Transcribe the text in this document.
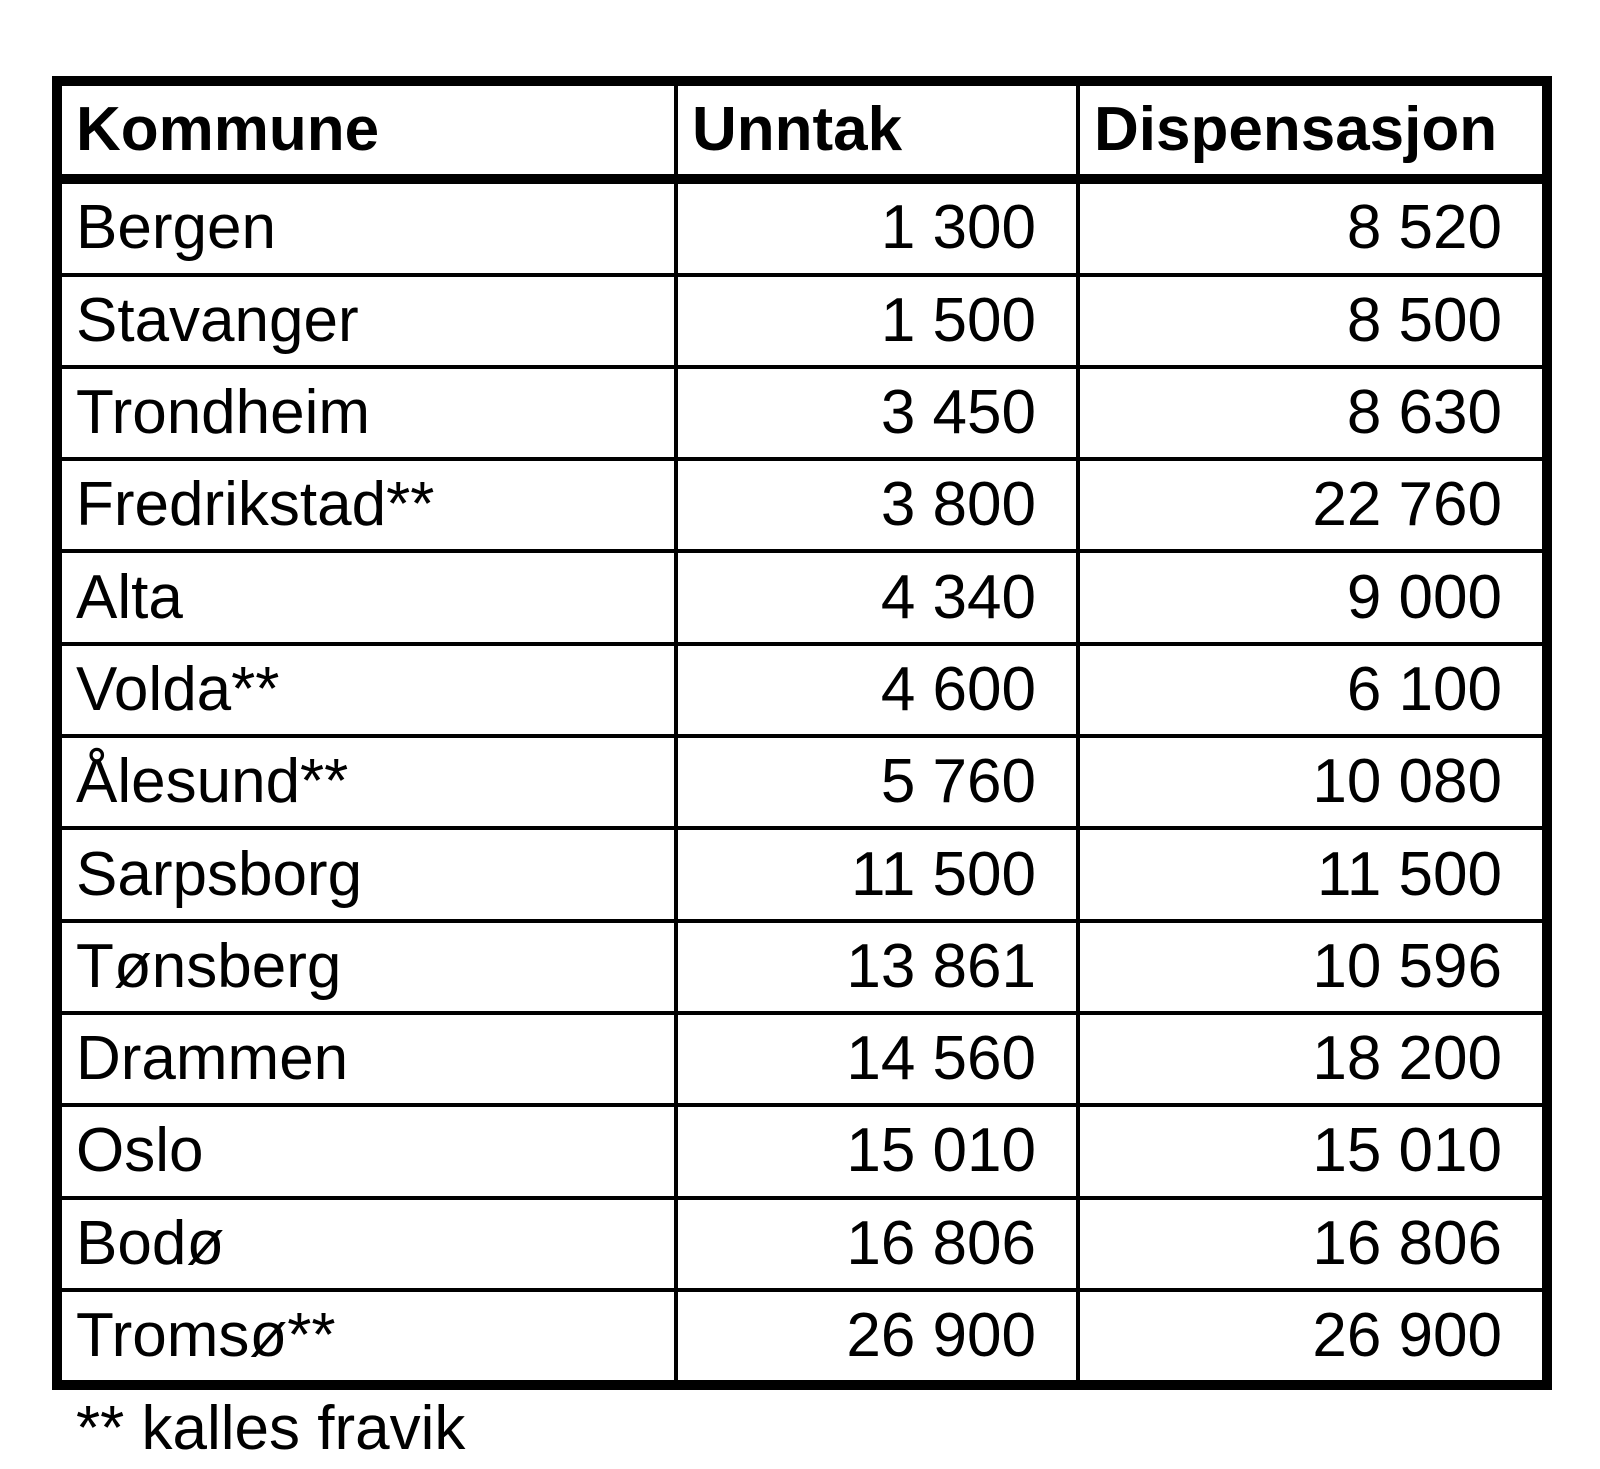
Kommune	Unntak	Dispensasjon
Bergen	1 300	8 520
Stavanger	1 500	8 500
Trondheim	3 450	8 630
Fredrikstad**	3 800	22 760
Alta	4 340	9 000
Volda**	4 600	6 100
Ålesund**	5 760	10 080
Sarpsborg	11 500	11 500
Tønsberg	13 861	10 596
Drammen	14 560	18 200
Oslo	15 010	15 010
Bodø	16 806	16 806
Tromsø**	26 900	26 900
** kalles fravik
